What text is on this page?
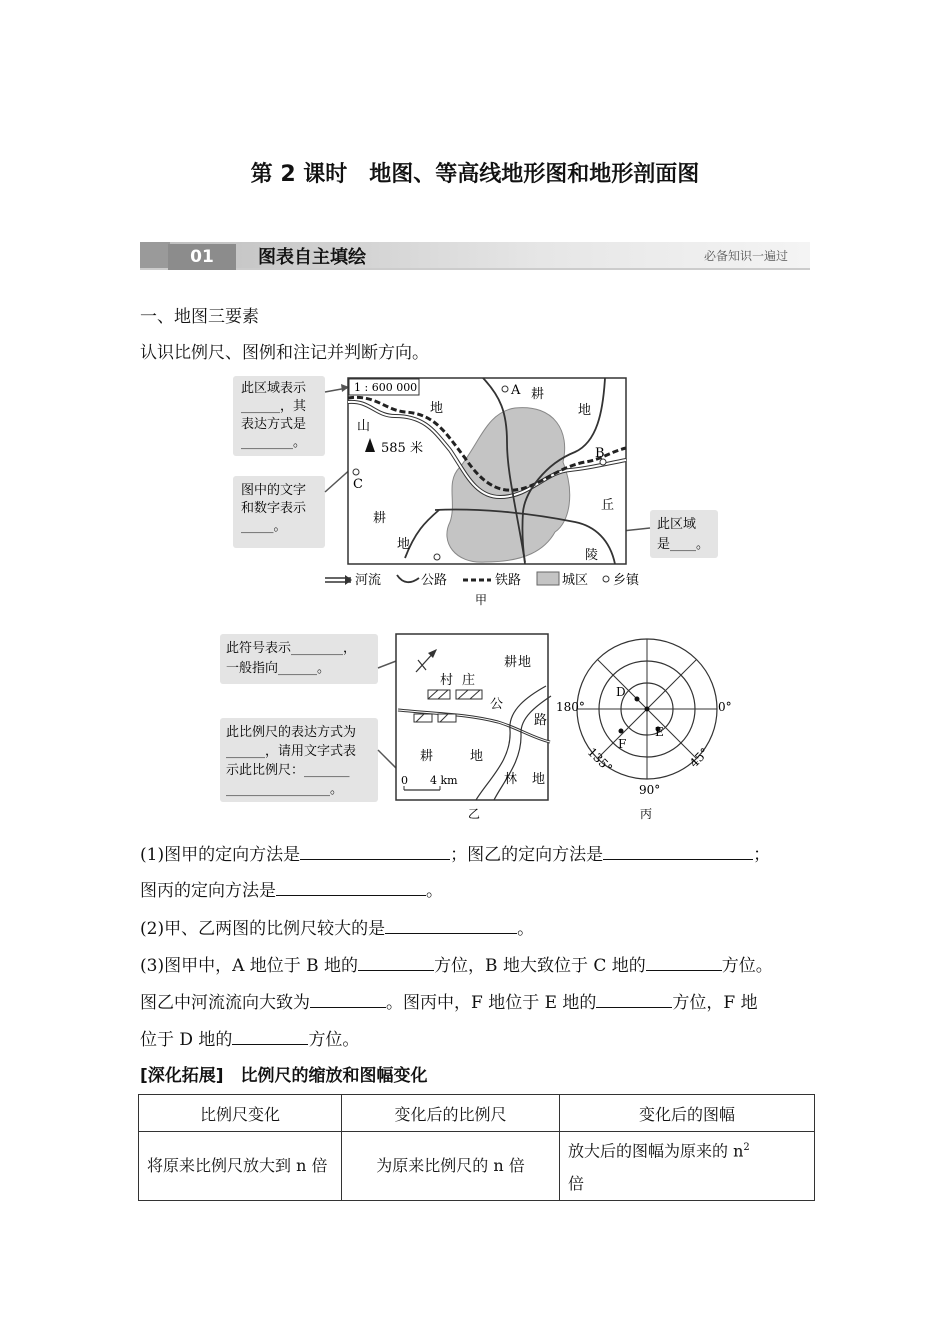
第 2 课时　地图、等高线地形图和地形剖面图
01	图表自主填绘	必备知识一遍过
一、地图三要素
认识比例尺、图例和注记并判断方向。
此区域表示
______，其
表达方式是
________。
图中的文字
和数字表示
_____。	此区域
是____。
1 : 600 000	A
B
C
耕
地	地
山
585 米
耕
地
丘
陵
河流	公路	铁路	城区 乡镇
甲
此符号表示________，
一般指向______。
此比例尺的表达方式为
______，请用文字式表
示此比例尺：_______
________________。
耕 地
村 庄
公
路
耕	地
林 地
0 4 km
乙
D
E
F
180°	0°
135°
90°
45°
丙
(1)图甲的定向方法是	；图乙的定向方法是	；
图丙的定向方法是	。
(2)甲、乙两图的比例尺较大的是	。
(3)图甲中，A 地位于 B 地的	方位，B 地大致位于 C 地的	方位。
图乙中河流流向大致为	。图丙中，F 地位于 E 地的	方位，F 地
位于 D 地的	方位。
[深化拓展]　比例尺的缩放和图幅变化
比例尺变化	变化后的比例尺	变化后的图幅
将原来比例尺放大到 n 倍	为原来比例尺的 n 倍	放大后的图幅为原来的 $n^2$
倍
